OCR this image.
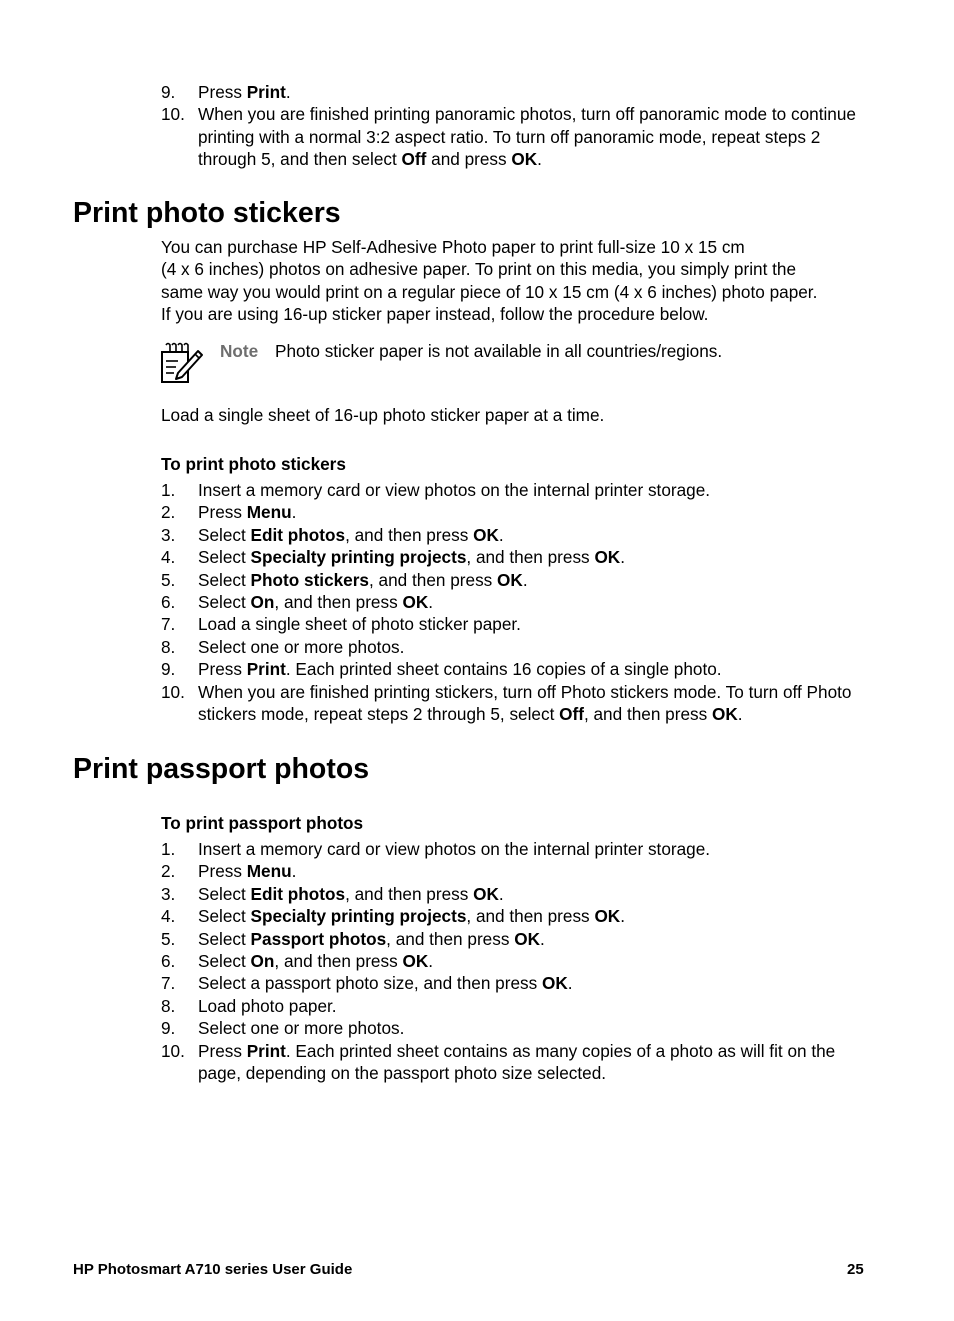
9. Press Print.
10. When you are finished printing panoramic photos, turn off panoramic mode to continue printing with a normal 3:2 aspect ratio. To turn off panoramic mode, repeat steps 2 through 5, and then select Off and press OK.
Print photo stickers

You can purchase HP Self-Adhesive Photo paper to print full-size 10 x 15 cm
(4 x 6 inches) photos on adhesive paper. To print on this media, you simply print the
same way you would print on a regular piece of 10 x 15 cm (4 x 6 inches) photo paper.
If you are using 16-up sticker paper instead, follow the procedure below.

Note Photo sticker paper is not available in all countries/regions.

Load a single sheet of 16-up photo sticker paper at a time.

To print photo stickers
1. Insert a memory card or view photos on the internal printer storage.
2. Press Menu.
3. Select Edit photos, and then press OK.
4. Select Specialty printing projects, and then press OK.
5. Select Photo stickers, and then press OK.
6. Select On, and then press OK.
7. Load a single sheet of photo sticker paper.
8. Select one or more photos.
9. Press Print. Each printed sheet contains 16 copies of a single photo.
10. When you are finished printing stickers, turn off Photo stickers mode. To turn off Photo stickers mode, repeat steps 2 through 5, select Off, and then press OK.
Print passport photos
To print passport photos
1. Insert a memory card or view photos on the internal printer storage.
2. Press Menu.
3. Select Edit photos, and then press OK.
4. Select Specialty printing projects, and then press OK.
5. Select Passport photos, and then press OK.
6. Select On, and then press OK.
7. Select a passport photo size, and then press OK.
8. Load photo paper.
9. Select one or more photos.
10. Press Print. Each printed sheet contains as many copies of a photo as will fit on the page, depending on the passport photo size selected.
HP Photosmart A710 series User Guide	25
